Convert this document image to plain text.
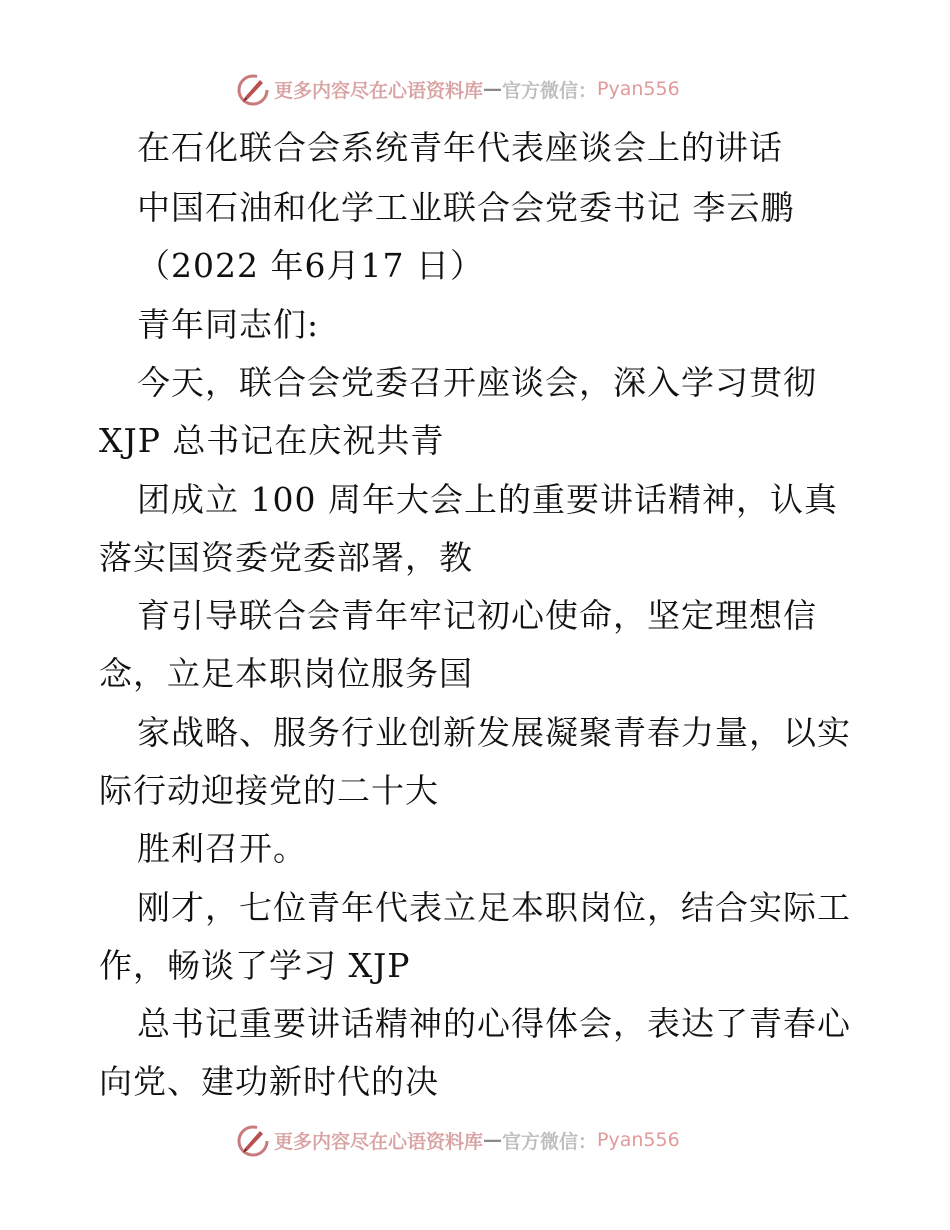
更多内容尽在心语资料库 — 官方微信： Pyan556
在石化联合会系统青年代表座谈会上的讲话
中国石油和化学工业联合会党委书记 李云鹏
（2022 年6月17 日）
青年同志们:
今天，联合会党委召开座谈会，深入学习贯彻
XJP 总书记在庆祝共青
团成立 100 周年大会上的重要讲话精神，认真
落实国资委党委部署，教
育引导联合会青年牢记初心使命，坚定理想信
念，立足本职岗位服务国
家战略、服务行业创新发展凝聚青春力量，以实
际行动迎接党的二十大
胜利召开。
刚才，七位青年代表立足本职岗位，结合实际工
作，畅谈了学习 XJP
总书记重要讲话精神的心得体会，表达了青春心
向党、建功新时代的决
更多内容尽在心语资料库 — 官方微信： Pyan556
